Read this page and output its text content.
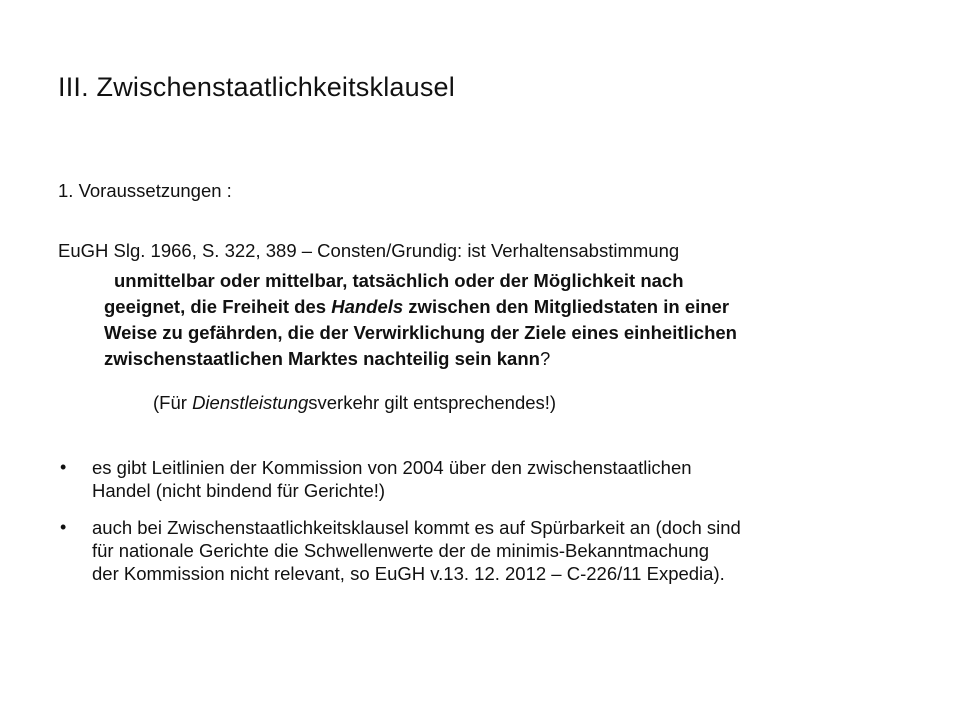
III. Zwischenstaatlichkeitsklausel
1. Voraussetzungen :
EuGH Slg. 1966, S. 322, 389 – Consten/Grundig: ist Verhaltensabstimmung
unmittelbar oder mittelbar, tatsächlich oder der Möglichkeit nach
geeignet, die Freiheit des Handels zwischen den Mitgliedstaten in einer
Weise zu gefährden, die der Verwirklichung der Ziele eines einheitlichen
zwischenstaatlichen Marktes nachteilig sein kann?
(Für Dienstleistungsverkehr gilt entsprechendes!)
• es gibt Leitlinien der Kommission von 2004 über den zwischenstaatlichen
Handel (nicht bindend für Gerichte!)
• auch bei Zwischenstaatlichkeitsklausel kommt es auf Spürbarkeit an (doch sind
für nationale Gerichte die Schwellenwerte der de minimis-Bekanntmachung
der Kommission nicht relevant, so EuGH v.13. 12. 2012 – C-226/11 Expedia).
